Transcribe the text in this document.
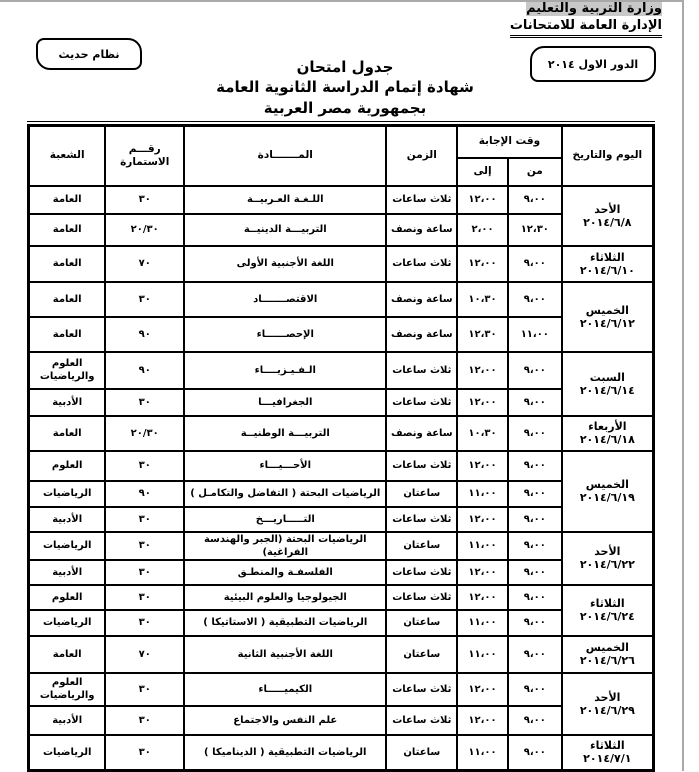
وزارة التربية والتعليم
الإدارة العامة للامتحانات
نظام حديث
الدور الاول ٢٠١٤
جدول امتحان
شهادة إتمام الدراسة الثانوية العامة
بجمهورية مصر العربية
اليوم والتاريخ	وقت الإجابة		الزمن	المـــــــادة	رقـــم الاستمارة	الشعبة
	من	إلى				
الأحد ٢٠١٤/٦/٨	٩،٠٠	١٢،٠٠	ثلاث ساعات	اللـغـة العـربيــة	٣٠	العامة
	١٢،٣٠	٢،٠٠	ساعة ونصف	التربيـــة الدينيــة	٢٠/٣٠	العامة
الثلاثاء ٢٠١٤/٦/١٠	٩،٠٠	١٢،٠٠	ثلاث ساعات	اللغة الأجنبية الأولى	٧٠	العامة
الخميس ٢٠١٤/٦/١٢	٩،٠٠	١٠،٣٠	ساعة ونصف	الاقتصـــــــاد	٣٠	العامة
	١١،٠٠	١٢،٣٠	ساعة ونصف	الإحصــــــاء	٩٠	العامة
السبت ٢٠١٤/٦/١٤	٩،٠٠	١٢،٠٠	ثلاث ساعات	الـفـيـزيــــاء	٩٠	العلوم والرياضيات
	٩،٠٠	١٢،٠٠	ثلاث ساعات	الجغرافيـــا	٣٠	الأدبية
الأربعاء ٢٠١٤/٦/١٨	٩،٠٠	١٠،٣٠	ساعة ونصف	التربيـــة الوطنيــة	٢٠/٣٠	العامة
الخميس ٢٠١٤/٦/١٩	٩،٠٠	١٢،٠٠	ثلاث ساعات	الأحـــيـــاء	٣٠	العلوم
	٩،٠٠	١١،٠٠	ساعتان	الرياضيات البحتة ( التفاضل والتكامـل )	٩٠	الرياضيات
	٩،٠٠	١٢،٠٠	ثلاث ساعات	التـــــاريـــخ	٣٠	الأدبية
الأحد ٢٠١٤/٦/٢٢	٩،٠٠	١١،٠٠	ساعتان	الرياضيات البحتة (الجبر والهندسة الفراغية)	٣٠	الرياضيات
	٩،٠٠	١٢،٠٠	ثلاث ساعات	الفلسفـة والمنطـق	٣٠	الأدبية
الثلاثاء ٢٠١٤/٦/٢٤	٩،٠٠	١٢،٠٠	ثلاث ساعات	الجيولوجيا والعلوم البيئية	٣٠	العلوم
	٩،٠٠	١١،٠٠	ساعتان	الرياضيات التطبيقية ( الاستاتيكا )	٣٠	الرياضيات
الخميس ٢٠١٤/٦/٢٦	٩،٠٠	١١،٠٠	ساعتان	اللغة الأجنبية الثانية	٧٠	العامة
الأحد ٢٠١٤/٦/٢٩	٩،٠٠	١٢،٠٠	ثلاث ساعات	الكيميـــــاء	٣٠	العلوم والرياضيات
	٩،٠٠	١٢،٠٠	ثلاث ساعات	علم النفس والاجتماع	٣٠	الأدبية
الثلاثاء ٢٠١٤/٧/١	٩،٠٠	١١،٠٠	ساعتان	الرياضيات التطبيقية ( الديناميكا )	٣٠	الرياضيات
